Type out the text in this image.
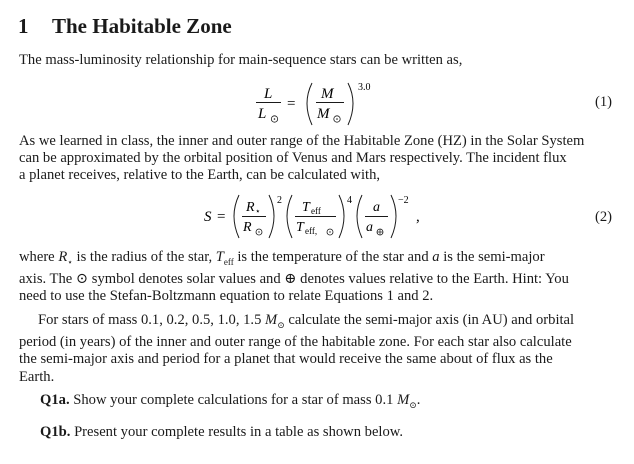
1 The Habitable Zone
The mass-luminosity relationship for main-sequence stars can be written as,
L
L
=
M
M
3.0
(1)
As we learned in class, the inner and outer range of the Habitable Zone (HZ) in the Solar System
can be approximated by the orbital position of Venus and Mars respectively. The incident flux
a planet receives, relative to the Earth, can be calculated with,
S =
R ⋆
R
2 T eff
T eff,
4 a
a
−2
,	(2)
where $R_⋆$ is the radius of the star, $T_{eff}$ is the temperature of the star and a is the semi-major
axis. The ⊙ symbol denotes solar values and ⊕ denotes values relative to the Earth. Hint: You
need to use the Stefan-Boltzmann equation to relate Equations 1 and 2.
For stars of mass 0.1, 0.2, 0.5, 1.0, 1.5 $M_⊙$ calculate the semi-major axis (in AU) and orbital
period (in years) of the inner and outer range of the habitable zone. For each star also calculate
the semi-major axis and period for a planet that would receive the same about of flux as the
Earth.
Q1a. Show your complete calculations for a star of mass 0.1 $M_⊙$.
Q1b. Present your complete results in a table as shown below.
